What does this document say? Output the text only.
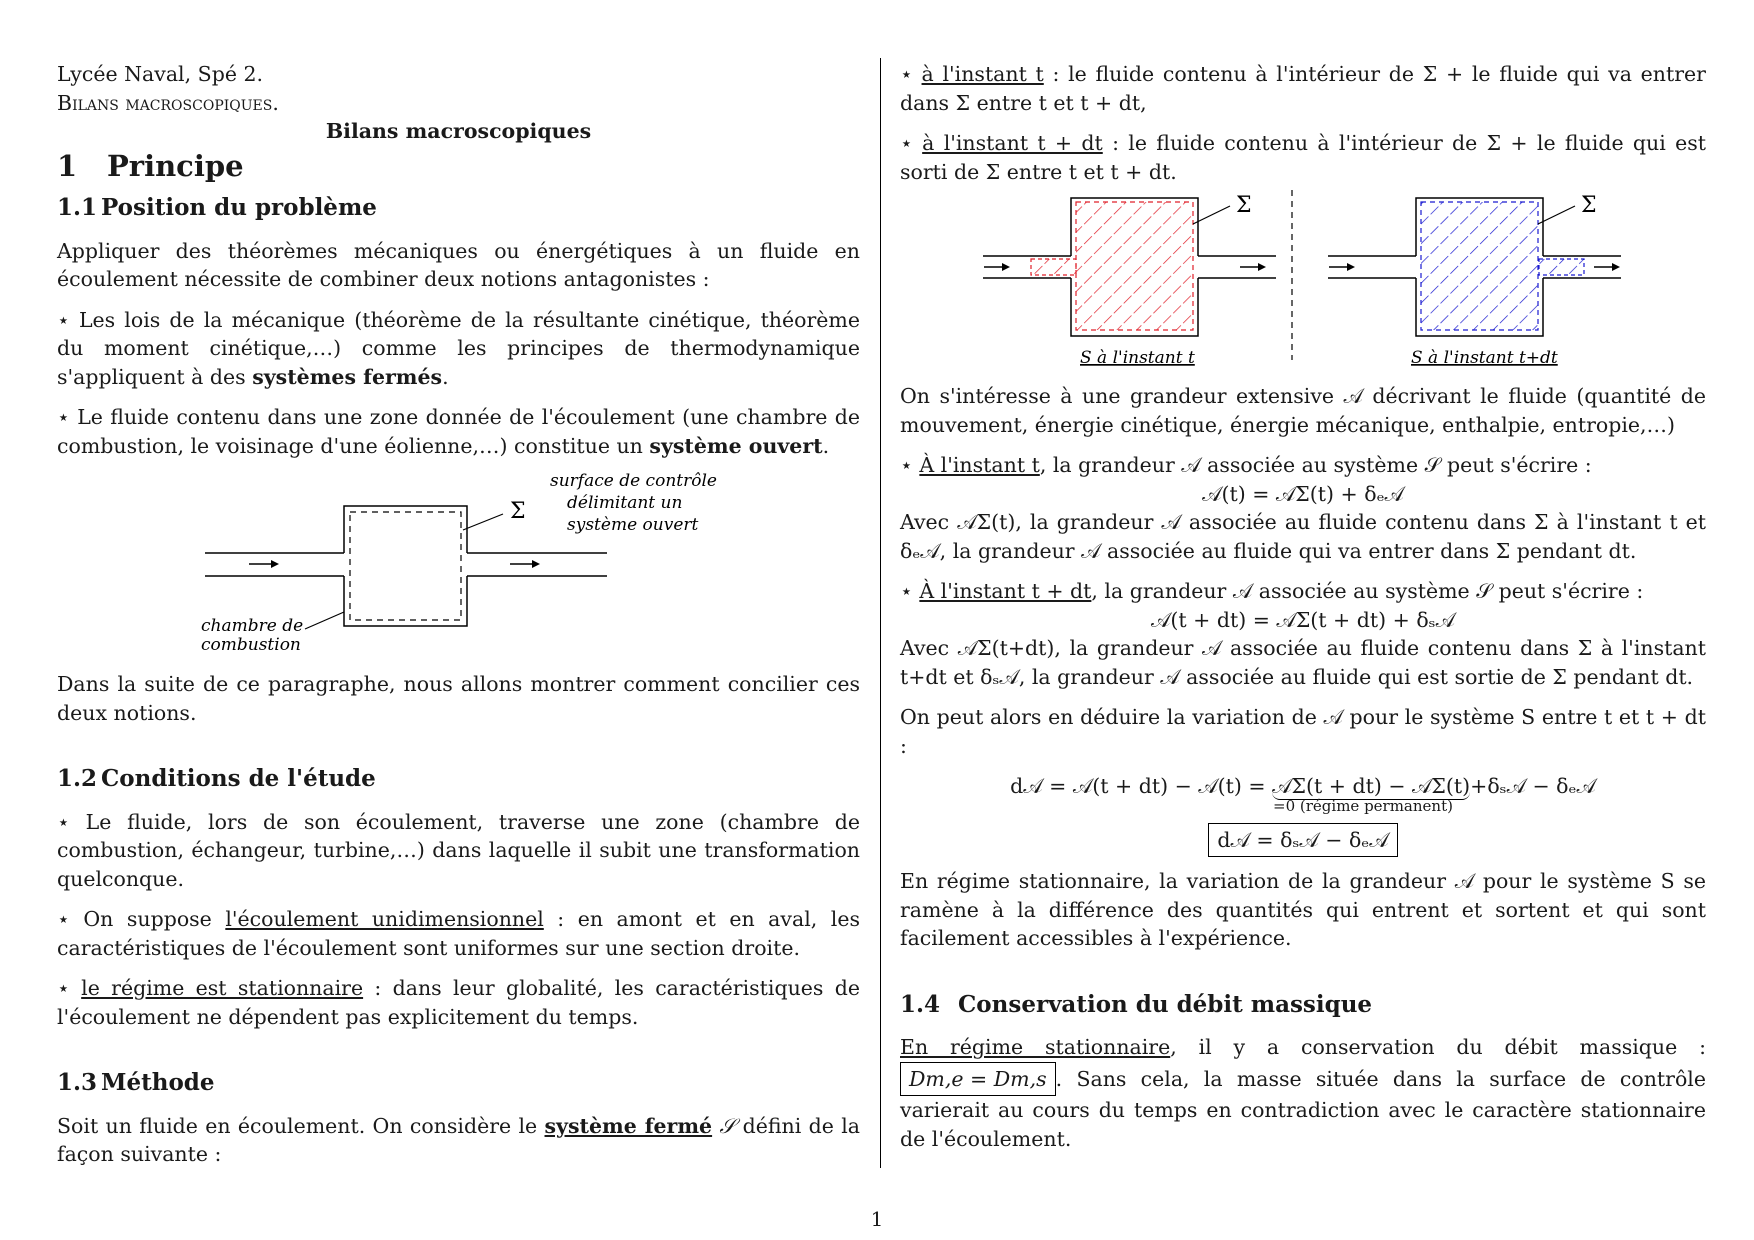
Lycée Naval, Spé 2.

Bilans macroscopiques.

Bilans macroscopiques
1 Principe
1.1 Position du problème

Appliquer des théorèmes mécaniques ou énergétiques à un fluide en écoulement nécessite de combiner deux notions antagonistes :

⋆ Les lois de la mécanique (théorème de la résultante cinétique, théorème du moment cinétique,…) comme les principes de thermodynamique s'appliquent à des systèmes fermés.

⋆ Le fluide contenu dans une zone donnée de l'écoulement (une chambre de combustion, le voisinage d'une éolienne,…) constitue un système ouvert.

Σ
surface de contrôle
délimitant un
système ouvert
chambre de
combustion

Dans la suite de ce paragraphe, nous allons montrer comment concilier ces deux notions.

1.2 Conditions de l'étude

⋆ Le fluide, lors de son écoulement, traverse une zone (chambre de combustion, échangeur, turbine,…) dans laquelle il subit une transformation quelconque.

⋆ On suppose l'écoulement unidimensionnel : en amont et en aval, les caractéristiques de l'écoulement sont uniformes sur une section droite.

⋆ le régime est stationnaire : dans leur globalité, les caractéristiques de l'écoulement ne dépendent pas explicitement du temps.

1.3 Méthode

Soit un fluide en écoulement. On considère le système fermé 𝒮 défini de la façon suivante :

⋆ à l'instant t : le fluide contenu à l'intérieur de Σ + le fluide qui va entrer dans Σ entre t et t + dt,

⋆ à l'instant t + dt : le fluide contenu à l'intérieur de Σ + le fluide qui est sorti de Σ entre t et t + dt.

Σ
S à l'instant t
Σ
S à l'instant t+dt

On s'intéresse à une grandeur extensive 𝒜 décrivant le fluide (quantité de mouvement, énergie cinétique, énergie mécanique, enthalpie, entropie,…)

⋆ À l'instant t, la grandeur 𝒜 associée au système 𝒮 peut s'écrire :

𝒜(t) = 𝒜Σ(t) + δₑ𝒜

Avec 𝒜Σ(t), la grandeur 𝒜 associée au fluide contenu dans Σ à l'instant t et δₑ𝒜, la grandeur 𝒜 associée au fluide qui va entrer dans Σ pendant dt.

⋆ À l'instant t + dt, la grandeur 𝒜 associée au système 𝒮 peut s'écrire :

𝒜(t + dt) = 𝒜Σ(t + dt) + δₛ𝒜

Avec 𝒜Σ(t+dt), la grandeur 𝒜 associée au fluide contenu dans Σ à l'instant t+dt et δₛ𝒜, la grandeur 𝒜 associée au fluide qui est sortie de Σ pendant dt.

On peut alors en déduire la variation de 𝒜 pour le système S entre t et t + dt :

d𝒜 = 𝒜(t + dt) − 𝒜(t) = 𝒜Σ(t + dt) − 𝒜Σ(t)+δₛ𝒜 − δₑ𝒜

=0 (régime permanent)

d𝒜 = δₛ𝒜 − δₑ𝒜

En régime stationnaire, la variation de la grandeur 𝒜 pour le système S se ramène à la différence des quantités qui entrent et sortent et qui sont facilement accessibles à l'expérience.

1.4 Conservation du débit massique

En régime stationnaire, il y a conservation du débit massique : Dm,e = Dm,s . Sans cela, la masse située dans la surface de contrôle varierait au cours du temps en contradiction avec le caractère stationnaire de l'écoulement.

1
